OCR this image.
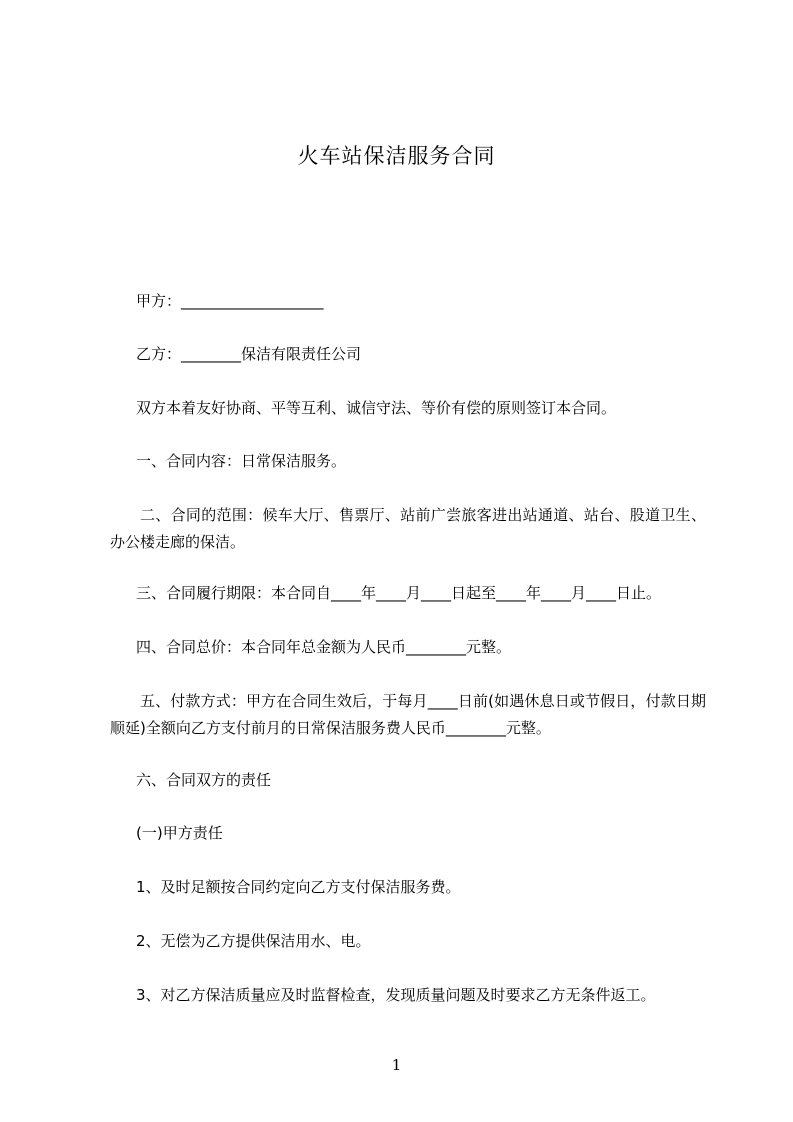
火车站保洁服务合同
甲方：___________________
乙方：________保洁有限责任公司
双方本着友好协商、平等互利、诚信守法、等价有偿的原则签订本合同。
一、合同内容：日常保洁服务。
二、合同的范围：候车大厅、售票厅、站前广尝旅客进出站通道、站台、股道卫生、办公楼走廊的保洁。
三、合同履行期限：本合同自____年____月____日起至____年____月____日止。
四、合同总价：本合同年总金额为人民币________元整。
五、付款方式：甲方在合同生效后，于每月____日前(如遇休息日或节假日，付款日期顺延)全额向乙方支付前月的日常保洁服务费人民币________元整。
六、合同双方的责任
(一)甲方责任
1、及时足额按合同约定向乙方支付保洁服务费。
2、无偿为乙方提供保洁用水、电。
3、对乙方保洁质量应及时监督检查，发现质量问题及时要求乙方无条件返工。
1
